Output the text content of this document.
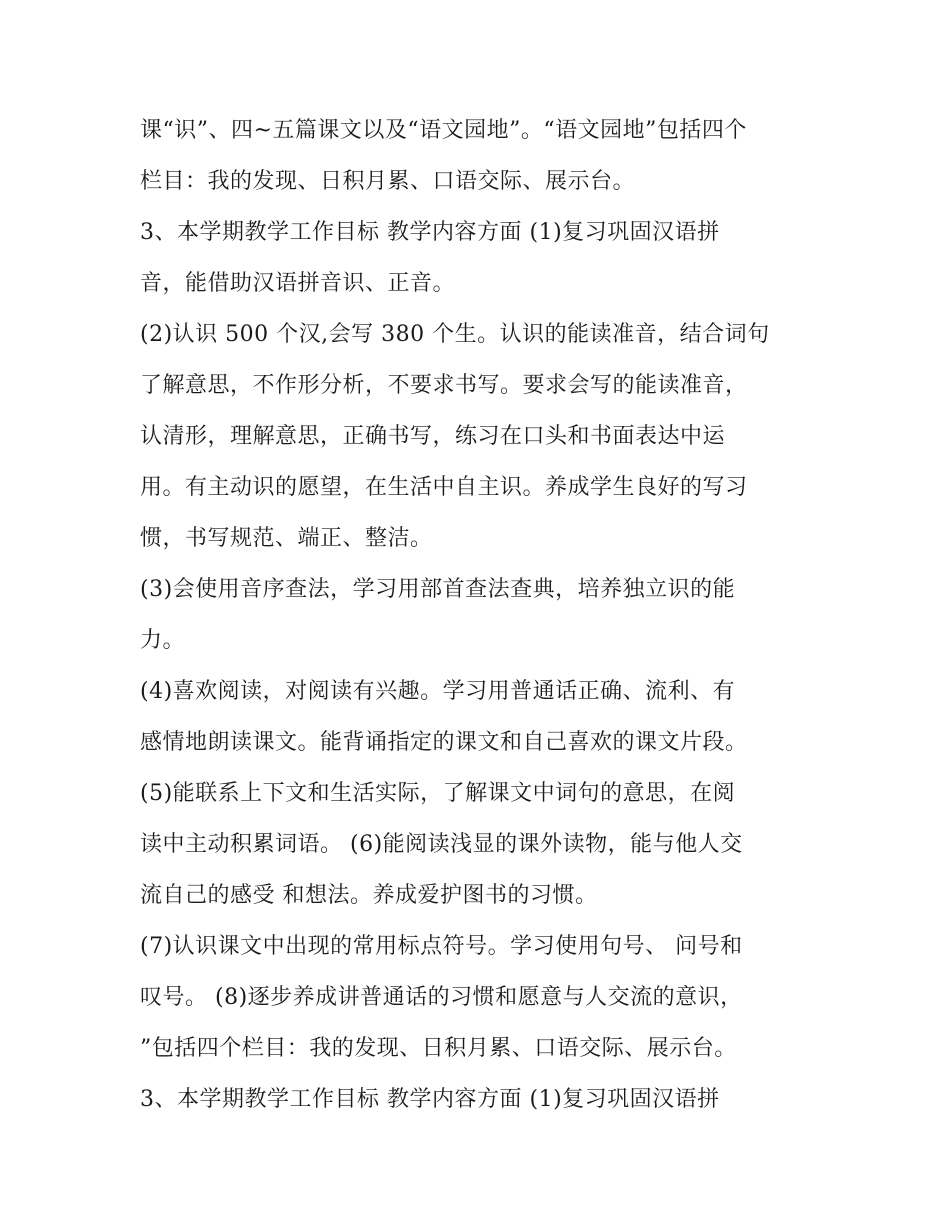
课“识”、四~五篇课文以及“语文园地”。“语文园地”包括四个
栏目：我的发现、日积月累、口语交际、展示台。
3、本学期教学工作目标 教学内容方面 (1)复习巩固汉语拼
音，能借助汉语拼音识、正音。
(2)认识 500 个汉,会写 380 个生。认识的能读准音，结合词句
了解意思，不作形分析，不要求书写。要求会写的能读准音，
认清形，理解意思，正确书写，练习在口头和书面表达中运
用。有主动识的愿望，在生活中自主识。养成学生良好的写习
惯，书写规范、端正、整洁。
(3)会使用音序查法，学习用部首查法查典，培养独立识的能
力。
(4)喜欢阅读，对阅读有兴趣。学习用普通话正确、流利、有
感情地朗读课文。能背诵指定的课文和自己喜欢的课文片段。
(5)能联系上下文和生活实际，了解课文中词句的意思，在阅
读中主动积累词语。 (6)能阅读浅显的课外读物，能与他人交
流自己的感受 和想法。养成爱护图书的习惯。
(7)认识课文中出现的常用标点符号。学习使用句号、 问号和
叹号。 (8)逐步养成讲普通话的习惯和愿意与人交流的意识，
”包括四个栏目：我的发现、日积月累、口语交际、展示台。
3、本学期教学工作目标 教学内容方面 (1)复习巩固汉语拼
